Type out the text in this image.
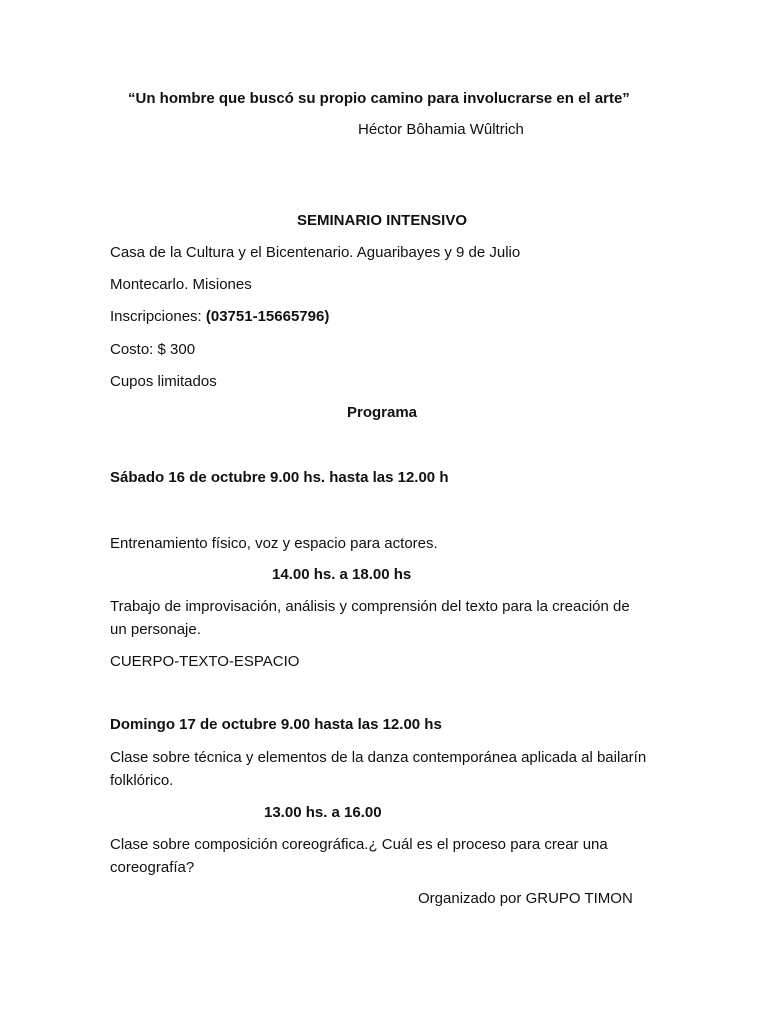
“Un hombre que buscó su propio camino para involucrarse en el arte”
Héctor Bôhamia Wûltrich
SEMINARIO INTENSIVO
Casa de la Cultura y el Bicentenario. Aguaribayes y 9 de Julio
Montecarlo. Misiones
Inscripciones: (03751-15665796)
Costo: $ 300
Cupos limitados
Programa
Sábado 16 de octubre 9.00 hs. hasta las 12.00 h
Entrenamiento físico, voz y espacio para actores.
14.00 hs. a 18.00 hs
Trabajo de improvisación, análisis y comprensión del texto para la creación de un personaje.
CUERPO-TEXTO-ESPACIO
Domingo 17 de octubre 9.00 hasta las 12.00 hs
Clase sobre técnica y elementos de la danza contemporánea aplicada al bailarín folklórico.
13.00 hs. a 16.00
Clase sobre composición coreográfica.¿ Cuál es el proceso para crear una coreografía?
Organizado por GRUPO TIMON
